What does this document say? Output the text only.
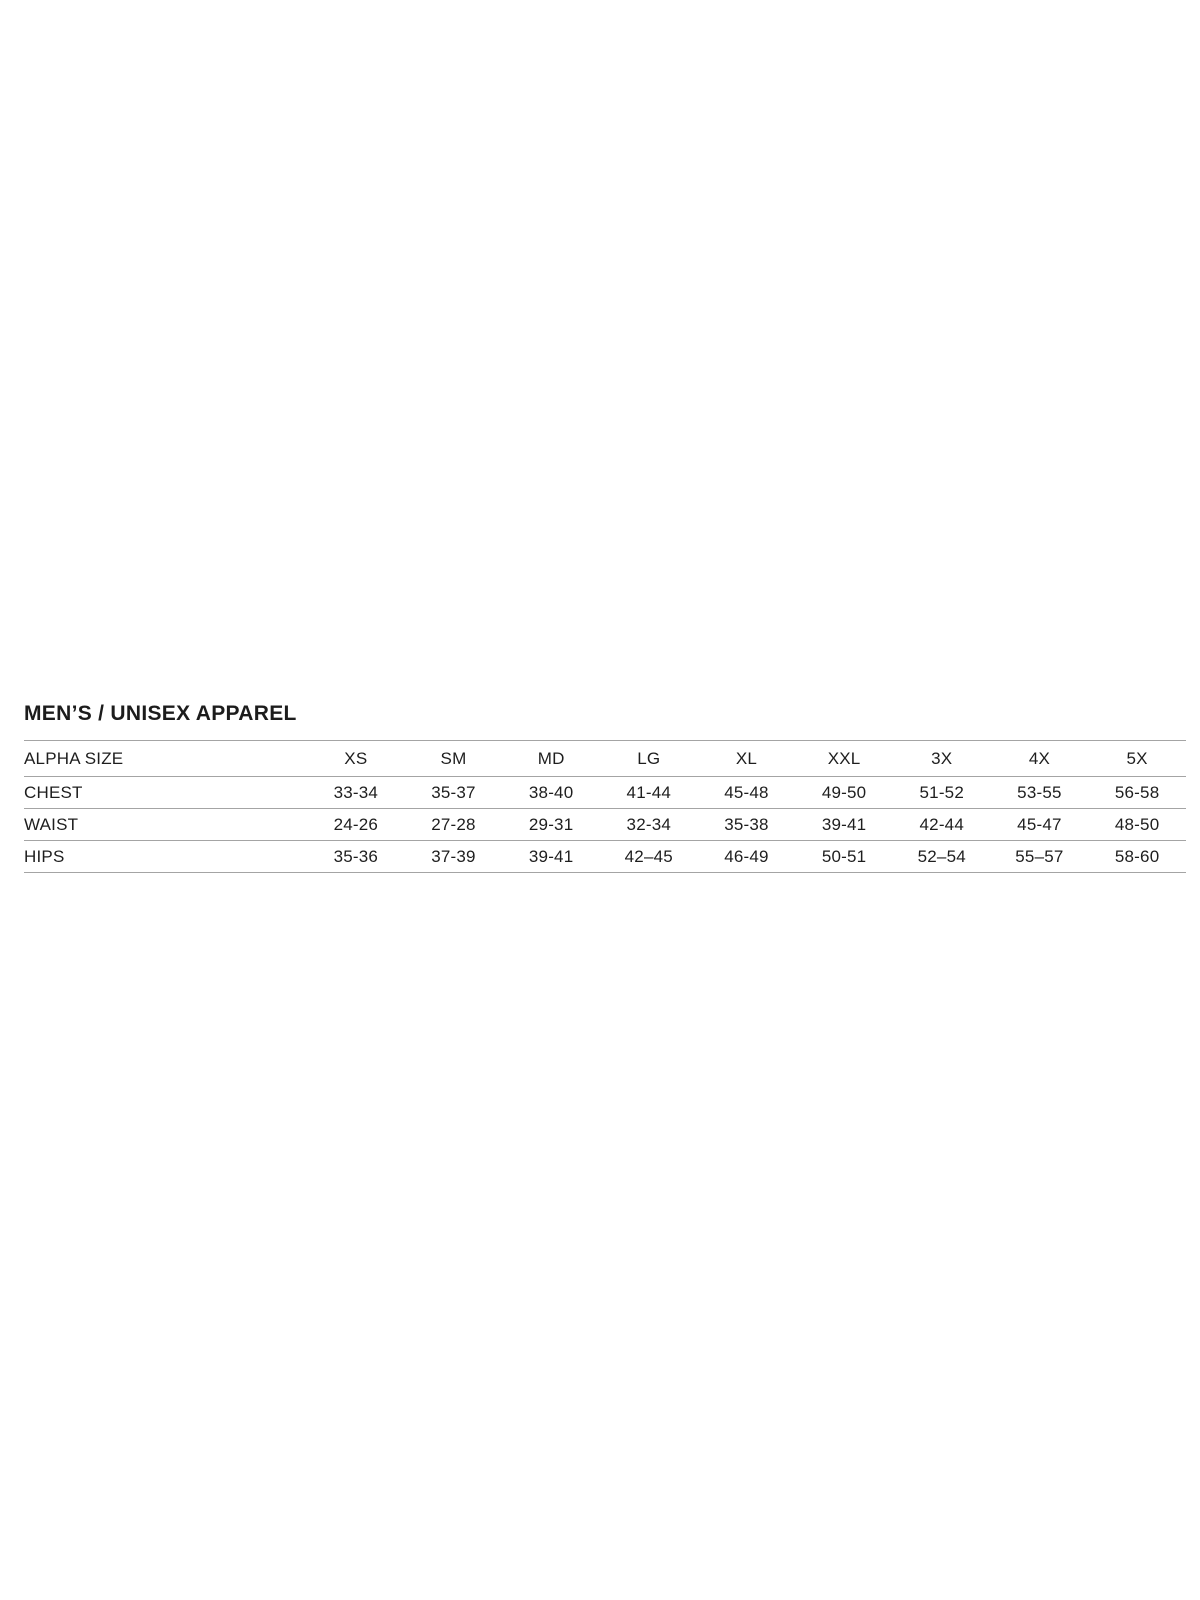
MEN’S / UNISEX APPAREL
ALPHA SIZE	XS	SM	MD	LG	XL	XXL	3X	4X	5X
CHEST	33-34	35-37	38-40	41-44	45-48	49-50	51-52	53-55	56-58
WAIST	24-26	27-28	29-31	32-34	35-38	39-41	42-44	45-47	48-50
HIPS	35-36	37-39	39-41	42–45	46-49	50-51	52–54	55–57	58-60
